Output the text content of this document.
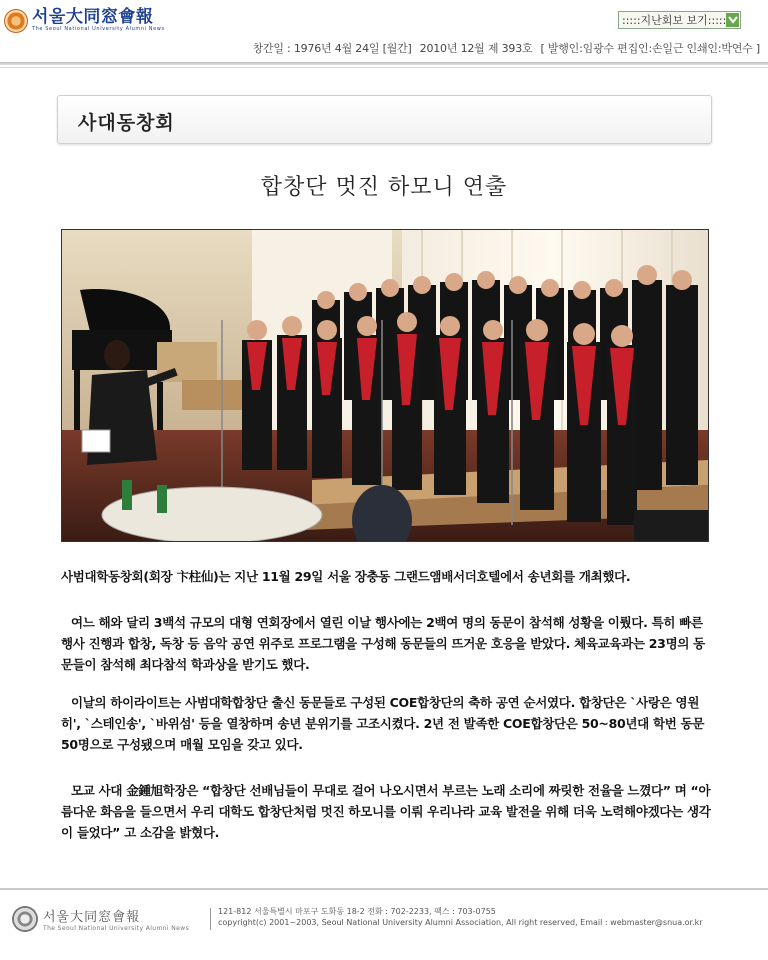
서울大同窓會報
The Seoul National University Alumni News
:::::지난회보 보기:::::
창간일 : 1976년 4월 24일 [월간] 2010년 12월 제 393호 [ 발행인:임광수 편집인:손일근 인쇄인:박연수 ]
사대동창회
합창단 멋진 하모니 연출
사범대학동창회(회장 卞柱仙)는 지난 11월 29일 서울 장충동 그랜드앰배서더호텔에서 송년회를 개최했다.
여느 해와 달리 3백석 규모의 대형 연회장에서 열린 이날 행사에는 2백여 명의 동문이 참석해 성황을 이뤘다. 특히 빠른 행사 진행과 합창, 독창 등 음악 공연 위주로 프로그램을 구성해 동문들의 뜨거운 호응을 받았다. 체육교육과는 23명의 동문들이 참석해 최다참석 학과상을 받기도 했다.
이날의 하이라이트는 사범대학합창단 출신 동문들로 구성된 COE합창단의 축하 공연 순서였다. 합창단은 `사랑은 영원히', `스테인송', `바위섬' 등을 열창하며 송년 분위기를 고조시켰다. 2년 전 발족한 COE합창단은 50~80년대 학번 동문 50명으로 구성됐으며 매월 모임을 갖고 있다.
모교 사대 金鍾旭학장은 “합창단 선배님들이 무대로 걸어 나오시면서 부르는 노래 소리에 짜릿한 전율을 느꼈다” 며 “아름다운 화음을 들으면서 우리 대학도 합창단처럼 멋진 하모니를 이뤄 우리나라 교육 발전을 위해 더욱 노력해야겠다는 생각이 들었다” 고 소감을 밝혔다.
서울大同窓會報
The Seoul National University Alumni News
121-812 서울특별시 마포구 도화동 18-2 전화 : 702-2233, 팩스 : 703-0755
copyright(c) 2001~2003, Seoul National University Alumni Association, All right reserved, Email : webmaster@snua.or.kr
